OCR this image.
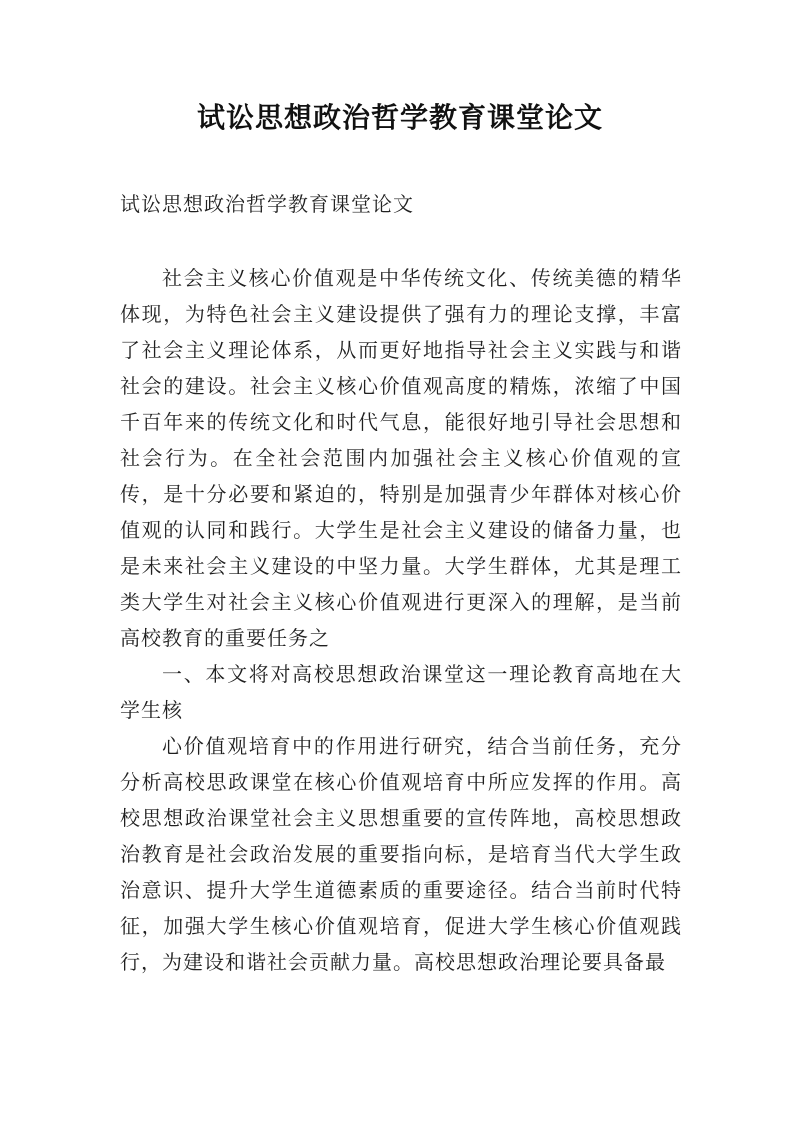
试讼思想政治哲学教育课堂论文
试讼思想政治哲学教育课堂论文

社会主义核心价值观是中华传统文化、传统美德的精华体现，为特色社会主义建设提供了强有力的理论支撑，丰富了社会主义理论体系，从而更好地指导社会主义实践与和谐社会的建设。社会主义核心价值观高度的精炼，浓缩了中国千百年来的传统文化和时代气息，能很好地引导社会思想和社会行为。在全社会范围内加强社会主义核心价值观的宣传，是十分必要和紧迫的，特别是加强青少年群体对核心价值观的认同和践行。大学生是社会主义建设的储备力量，也是未来社会主义建设的中坚力量。大学生群体，尤其是理工类大学生对社会主义核心价值观进行更深入的理解，是当前高校教育的重要任务之

一、本文将对高校思想政治课堂这一理论教育高地在大学生核

心价值观培育中的作用进行研究，结合当前任务，充分分析高校思政课堂在核心价值观培育中所应发挥的作用。高校思想政治课堂社会主义思想重要的宣传阵地，高校思想政治教育是社会政治发展的重要指向标，是培育当代大学生政治意识、提升大学生道德素质的重要途径。结合当前时代特征，加强大学生核心价值观培育，促进大学生核心价值观践行，为建设和谐社会贡献力量。高校思想政治理论要具备最
